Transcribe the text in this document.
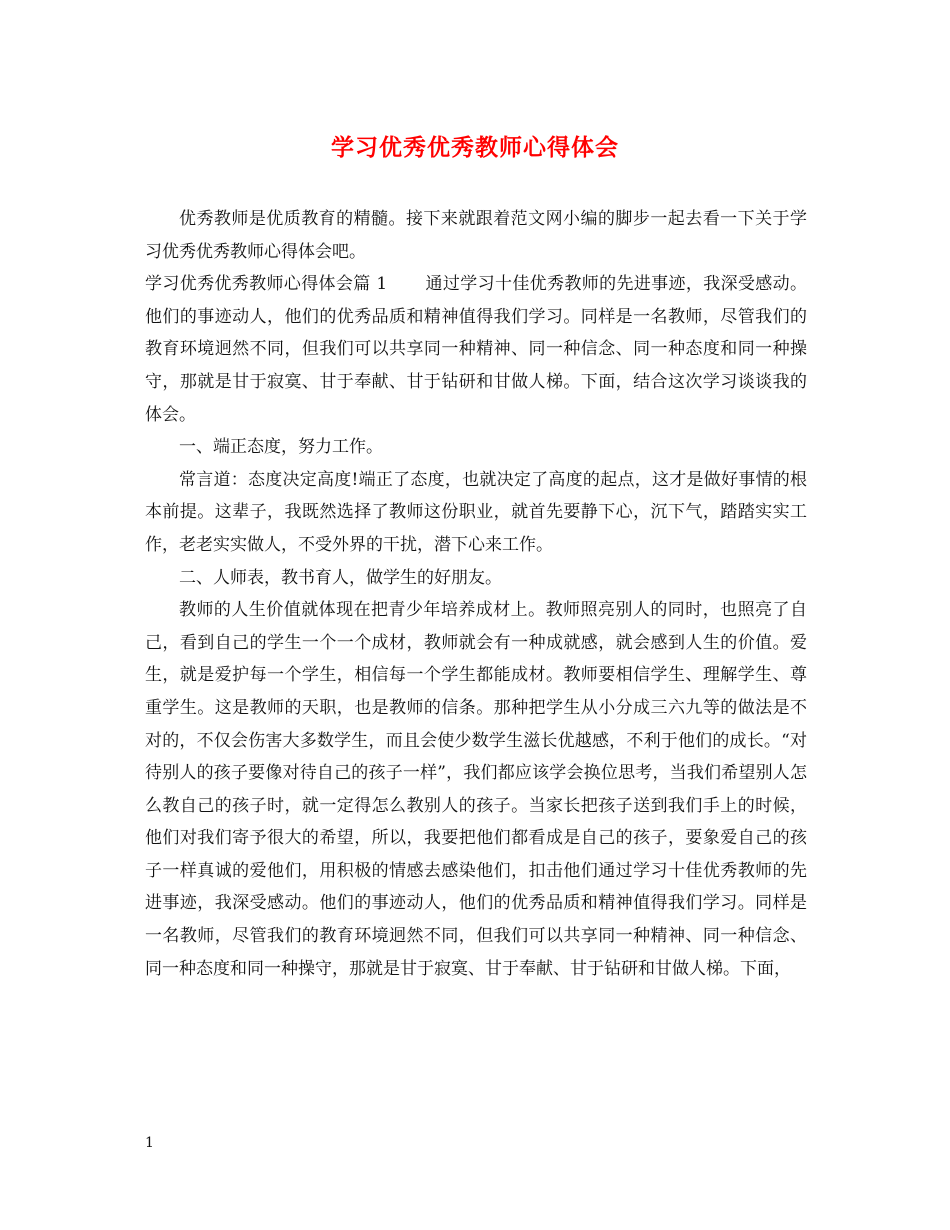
学习优秀优秀教师心得体会

优秀教师是优质教育的精髓。接下来就跟着范文网小编的脚步一起去看一下关于学习优秀优秀教师心得体会吧。

学习优秀优秀教师心得体会篇 1 通过学习十佳优秀教师的先进事迹，我深受感动。他们的事迹动人，他们的优秀品质和精神值得我们学习。同样是一名教师，尽管我们的教育环境迥然不同，但我们可以共享同一种精神、同一种信念、同一种态度和同一种操守，那就是甘于寂寞、甘于奉献、甘于钻研和甘做人梯。下面，结合这次学习谈谈我的体会。

一、端正态度，努力工作。

常言道：态度决定高度!端正了态度，也就决定了高度的起点，这才是做好事情的根本前提。这辈子，我既然选择了教师这份职业，就首先要静下心，沉下气，踏踏实实工作，老老实实做人，不受外界的干扰，潜下心来工作。

二、人师表，教书育人，做学生的好朋友。

教师的人生价值就体现在把青少年培养成材上。教师照亮别人的同时，也照亮了自己，看到自己的学生一个一个成材，教师就会有一种成就感，就会感到人生的价值。爱生，就是爱护每一个学生，相信每一个学生都能成材。教师要相信学生、理解学生、尊重学生。这是教师的天职，也是教师的信条。那种把学生从小分成三六九等的做法是不对的，不仅会伤害大多数学生，而且会使少数学生滋长优越感，不利于他们的成长。“对待别人的孩子要像对待自己的孩子一样”，我们都应该学会换位思考，当我们希望别人怎么教自己的孩子时，就一定得怎么教别人的孩子。当家长把孩子送到我们手上的时候，他们对我们寄予很大的希望，所以，我要把他们都看成是自己的孩子，要象爱自己的孩子一样真诚的爱他们，用积极的情感去感染他们，扣击他们通过学习十佳优秀教师的先进事迹，我深受感动。他们的事迹动人，他们的优秀品质和精神值得我们学习。同样是一名教师，尽管我们的教育环境迥然不同，但我们可以共享同一种精神、同一种信念、同一种态度和同一种操守，那就是甘于寂寞、甘于奉献、甘于钻研和甘做人梯。下面，

1
